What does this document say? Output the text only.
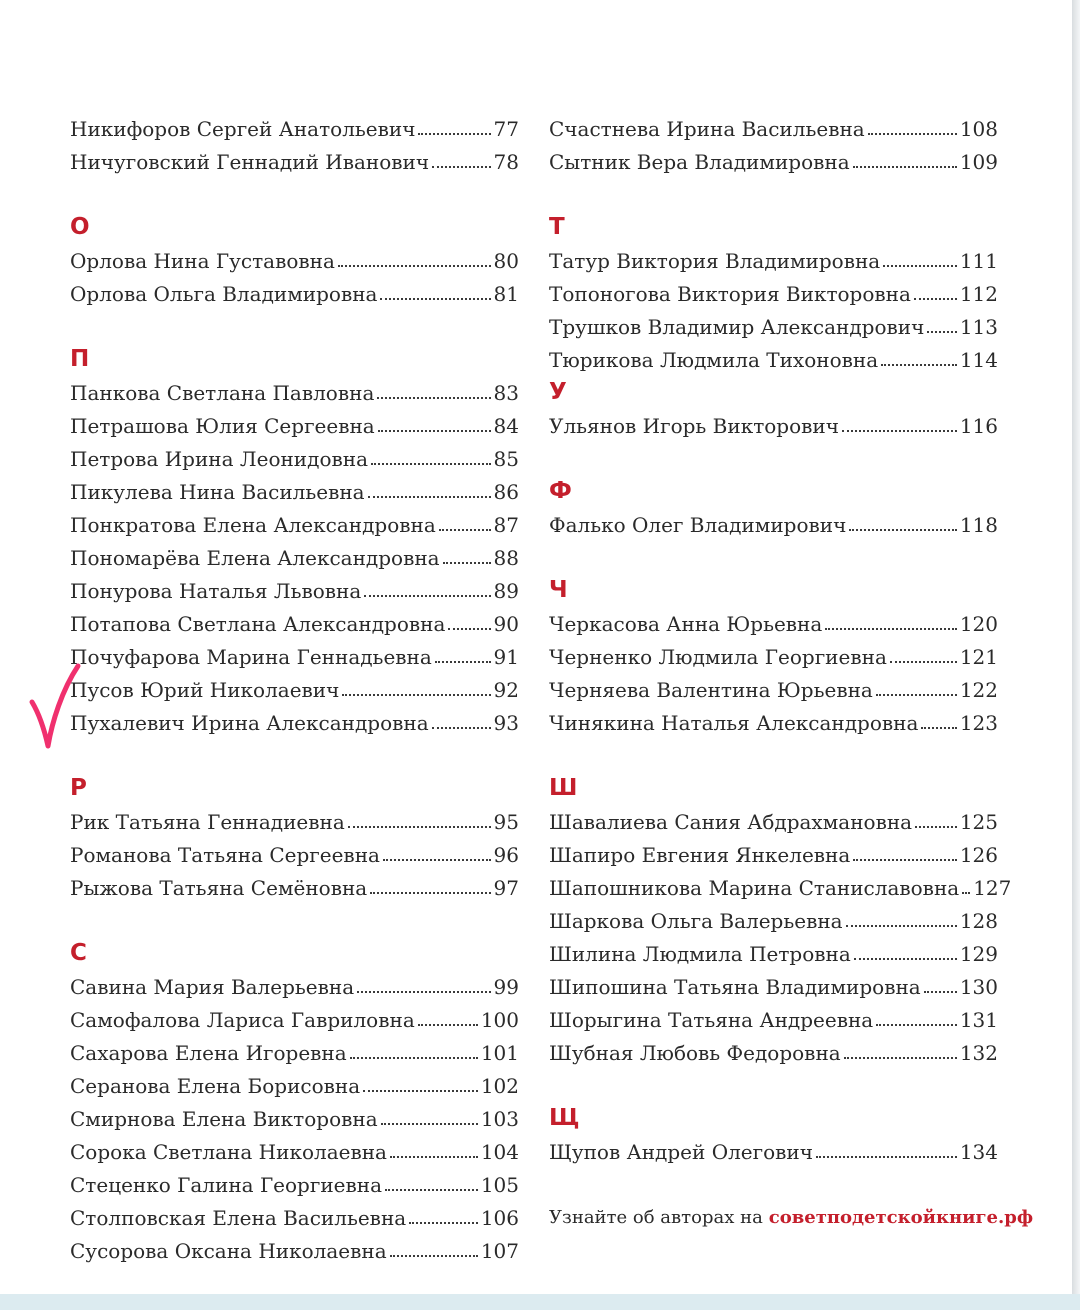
Никифоров Сергей Анатольевич	77
Ничуговский Геннадий Иванович	78
О
Орлова Нина Густавовна	80
Орлова Ольга Владимировна	81
П
Панкова Светлана Павловна	83
Петрашова Юлия Сергеевна	84
Петрова Ирина Леонидовна	85
Пикулева Нина Васильевна	86
Понкратова Елена Александровна	87
Пономарёва Елена Александровна	88
Понурова Наталья Львовна	89
Потапова Светлана Александровна 90
Почуфарова Марина Геннадьевна	91
Пусов Юрий Николаевич	92
Пухалевич Ирина Александровна	93
Р
Рик Татьяна Геннадиевна	95
Романова Татьяна Сергеевна	96
Рыжова Татьяна Семёновна	97
С
Савина Мария Валерьевна	99
Самофалова Лариса Гавриловна	100
Сахарова Елена Игоревна	101
Серанова Елена Борисовна	102
Смирнова Елена Викторовна	103
Сорока Светлана Николаевна	104
Стеценко Галина Георгиевна	105
Столповская Елена Васильевна	106
Сусорова Оксана Николаевна	107
Счастнева Ирина Васильевна	108
Сытник Вера Владимировна	109
Т
Татур Виктория Владимировна	111
Топоногова Виктория Викторовна 112
Трушков Владимир Александрович 113
Тюрикова Людмила Тихоновна	114
У
Ульянов Игорь Викторович	116
Ф
Фалько Олег Владимирович	118
Ч
Черкасова Анна Юрьевна	120
Черненко Людмила Георгиевна	121
Черняева Валентина Юрьевна	122
Чинякина Наталья Александровна 123
Ш
Шавалиева Сания Абдрахмановна 125
Шапиро Евгения Янкелевна	126
Шапошникова Марина Станиславовна 127
Шаркова Ольга Валерьевна	128
Шилина Людмила Петровна	129
Шипошина Татьяна Владимировна 130
Шорыгина Татьяна Андреевна	131
Шубная Любовь Федоровна	132
Щ
Щупов Андрей Олегович	134
Узнайте об авторах на советподетскойкниге.рф
